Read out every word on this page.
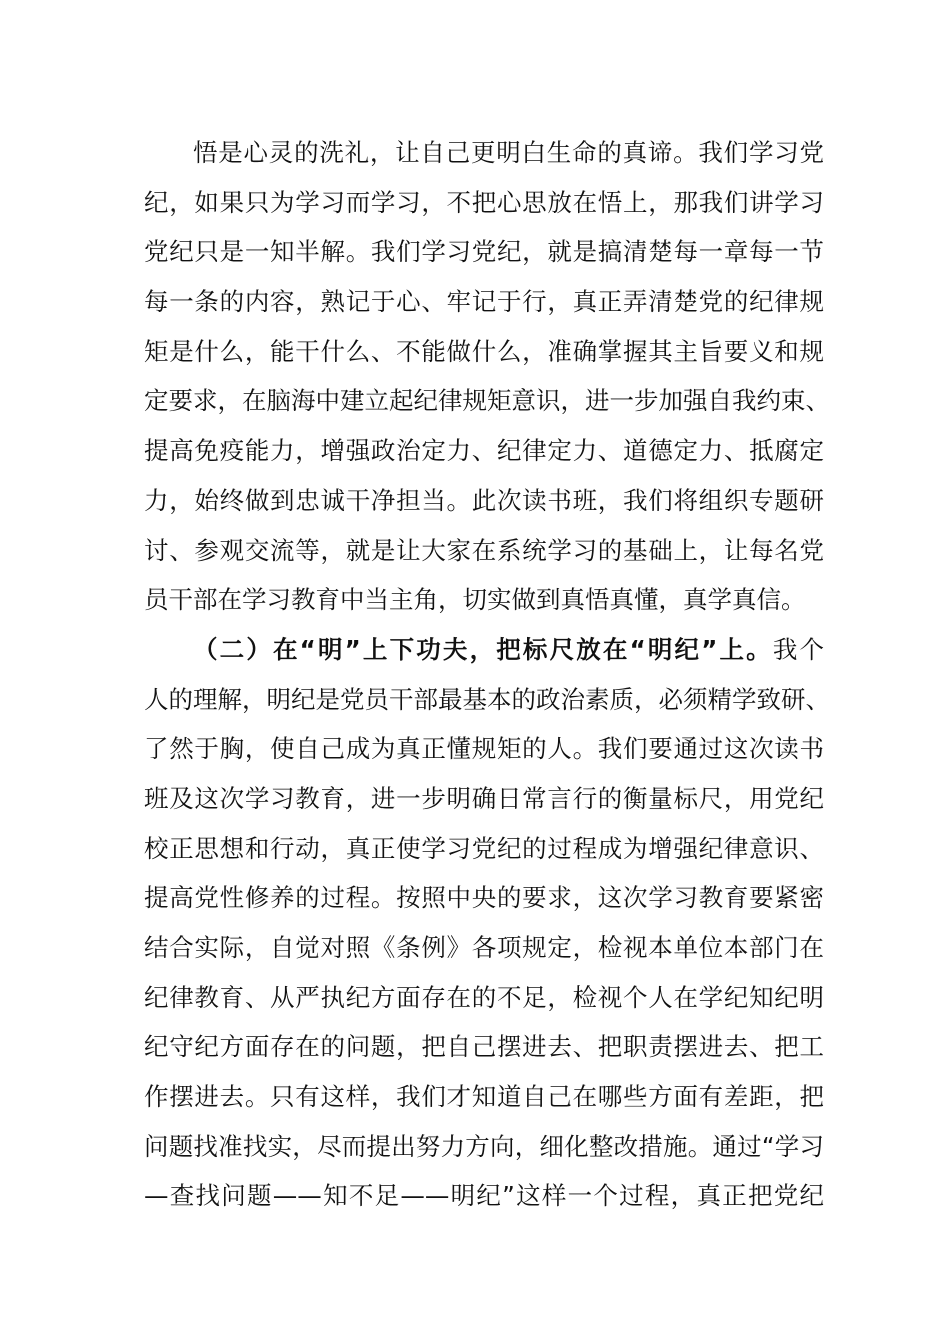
悟是心灵的洗礼，让自己更明白生命的真谛。我们学习党
纪，如果只为学习而学习，不把心思放在悟上，那我们讲学习
党纪只是一知半解。我们学习党纪，就是搞清楚每一章每一节
每一条的内容，熟记于心、牢记于行，真正弄清楚党的纪律规
矩是什么，能干什么、不能做什么，准确掌握其主旨要义和规
定要求，在脑海中建立起纪律规矩意识，进一步加强自我约束、
提高免疫能力，增强政治定力、纪律定力、道德定力、抵腐定
力，始终做到忠诚干净担当。此次读书班，我们将组织专题研
讨、参观交流等，就是让大家在系统学习的基础上，让每名党
员干部在学习教育中当主角，切实做到真悟真懂，真学真信。
（二）在“明”上下功夫，把标尺放在“明纪”上。我个
人的理解，明纪是党员干部最基本的政治素质，必须精学致研、
了然于胸，使自己成为真正懂规矩的人。我们要通过这次读书
班及这次学习教育，进一步明确日常言行的衡量标尺，用党纪
校正思想和行动，真正使学习党纪的过程成为增强纪律意识、
提高党性修养的过程。按照中央的要求，这次学习教育要紧密
结合实际，自觉对照《条例》各项规定，检视本单位本部门在
纪律教育、从严执纪方面存在的不足，检视个人在学纪知纪明
纪守纪方面存在的问题，把自己摆进去、把职责摆进去、把工
作摆进去。只有这样，我们才知道自己在哪些方面有差距，把
问题找准找实，尽而提出努力方向，细化整改措施。通过“学习
—查找问题——知不足——明纪”这样一个过程，真正把党纪
